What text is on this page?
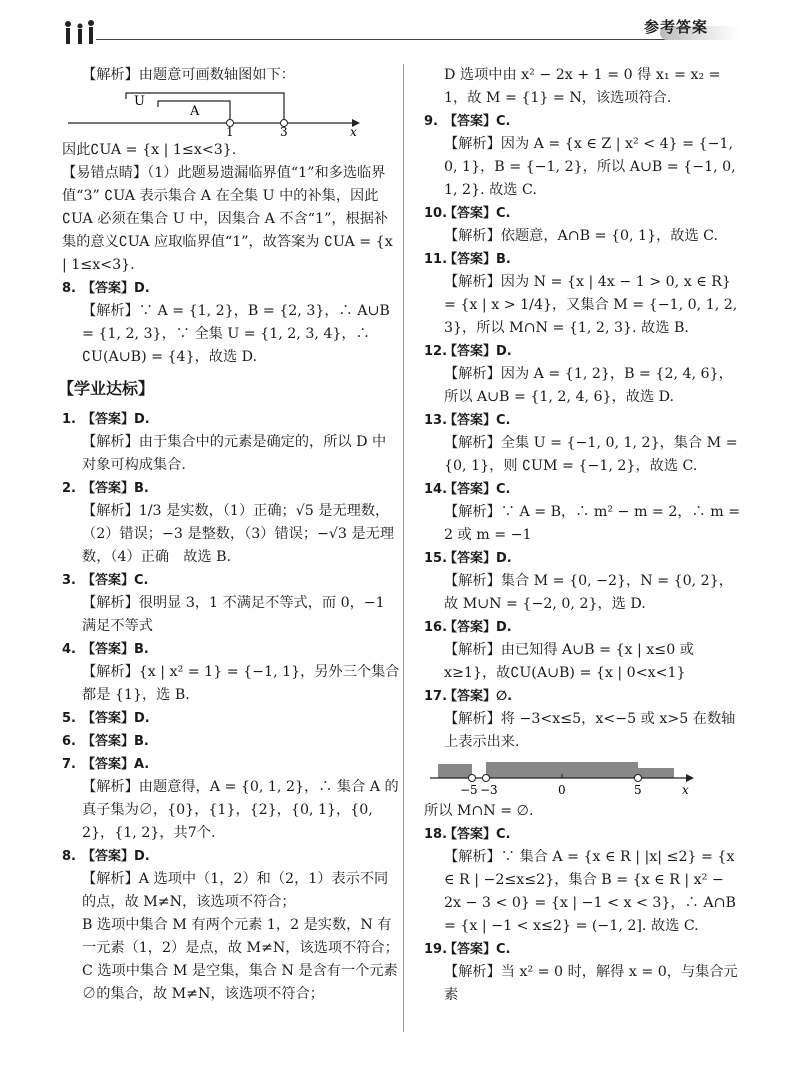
参考答案

【解析】由题意可画数轴图如下：

U
A
1	3	x

因此∁UA = {x | 1≤x<3}.

【易错点睛】（1）此题易遗漏临界值“1”和多选临界值“3” ∁UA 表示集合 A 在全集 U 中的补集，因此 ∁UA 必须在集合 U 中，因集合 A 不含“1”，根据补集的意义∁UA 应取临界值“1”，故答案为 ∁UA = {x | 1≤x<3}.

8. 【答案】D.

【解析】∵ A = {1, 2}，B = {2, 3}，∴ A∪B = {1, 2, 3}，∵ 全集 U = {1, 2, 3, 4}，∴ ∁U(A∪B) = {4}，故选 D.

【学业达标】

1. 【答案】D.

【解析】由于集合中的元素是确定的，所以 D 中对象可构成集合.

2. 【答案】B.

【解析】1/3 是实数，（1）正确；√5 是无理数，（2）错误；−3 是整数，（3）错误；−√3 是无理数，（4）正确　故选 B.

3. 【答案】C.

【解析】很明显 3，1 不满足不等式，而 0，−1 满足不等式

4. 【答案】B.

【解析】{x | x² = 1} = {−1, 1}，另外三个集合都是 {1}，选 B.

5. 【答案】D.

6. 【答案】B.

7. 【答案】A.

【解析】由题意得，A = {0, 1, 2}，∴ 集合 A 的真子集为∅，{0}，{1}，{2}，{0, 1}，{0, 2}，{1, 2}，共7个.

8. 【答案】D.

【解析】A 选项中（1，2）和（2，1）表示不同的点，故 M≠N，该选项不符合；

B 选项中集合 M 有两个元素 1，2 是实数，N 有一元素（1，2）是点，故 M≠N，该选项不符合；

C 选项中集合 M 是空集，集合 N 是含有一个元素∅的集合，故 M≠N，该选项不符合；

D 选项中由 x² − 2x + 1 = 0 得 x₁ = x₂ = 1，故 M = {1} = N，该选项符合.

9. 【答案】C.

【解析】因为 A = {x ∈ Z | x² < 4} = {−1, 0, 1}，B = {−1, 2}，所以 A∪B = {−1, 0, 1, 2}. 故选 C.

10.【答案】C.

【解析】依题意，A∩B = {0, 1}，故选 C.

11.【答案】B.

【解析】因为 N = {x | 4x − 1 > 0, x ∈ R} = {x | x > 1/4}，又集合 M = {−1, 0, 1, 2, 3}，所以 M∩N = {1, 2, 3}. 故选 B.

12.【答案】D.

【解析】因为 A = {1, 2}，B = {2, 4, 6}，所以 A∪B = {1, 2, 4, 6}，故选 D.

13.【答案】C.

【解析】全集 U = {−1, 0, 1, 2}，集合 M = {0, 1}，则 ∁UM = {−1, 2}，故选 C.

14.【答案】C.

【解析】∵ A = B，∴ m² − m = 2，∴ m = 2 或 m = −1

15.【答案】D.

【解析】集合 M = {0, −2}，N = {0, 2}，故 M∪N = {−2, 0, 2}，选 D.

16.【答案】D.

【解析】由已知得 A∪B = {x | x≤0 或 x≥1}，故∁U(A∪B) = {x | 0<x<1}

17.【答案】∅.

【解析】将 −3<x≤5，x<−5 或 x>5 在数轴上表示出来.

−5 −3	0	5	x

所以 M∩N = ∅.

18.【答案】C.

【解析】∵ 集合 A = {x ∈ R | |x| ≤2} = {x ∈ R | −2≤x≤2}，集合 B = {x ∈ R | x² − 2x − 3 < 0} = {x | −1 < x < 3}，∴ A∩B = {x | −1 < x≤2} = (−1, 2]. 故选 C.

19.【答案】C.

【解析】当 x² = 0 时，解得 x = 0，与集合元素
